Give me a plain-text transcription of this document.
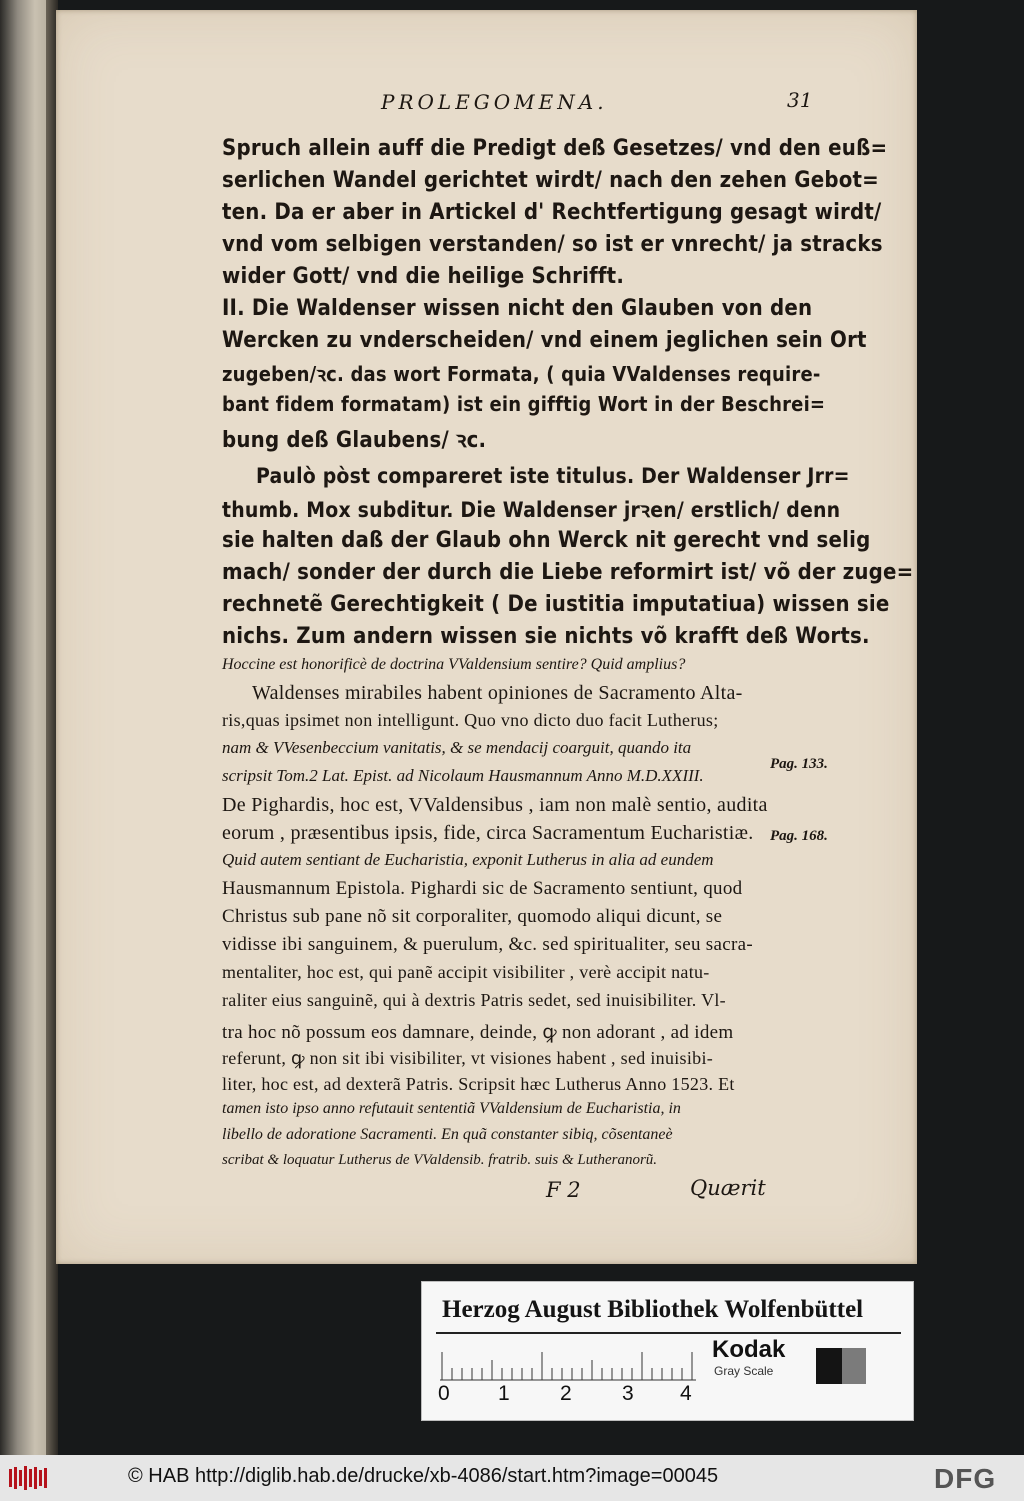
PROLEGOMENA.	31
Spruch allein auff die Predigt deß Gesetzes/ vnd den euß=
serlichen Wandel gerichtet wirdt/ nach den zehen Gebot=
ten. Da er aber in Artickel d' Rechtfertigung gesagt wirdt/
vnd vom selbigen verstanden/ so ist er vnrecht/ ja stracks
wider Gott/ vnd die heilige Schrifft.
II. Die Waldenser wissen nicht den Glauben von den
Wercken zu vnderscheiden/ vnd einem jeglichen sein Ort
zugeben/ꝛc. das wort Formata, ( quia VValdenses require-
bant fidem formatam) ist ein gifftig Wort in der Beschrei=
bung deß Glaubens/ ꝛc.
Paulò pòst compareret iste titulus. Der Waldenser Jrr=
thumb. Mox subditur. Die Waldenser jrꝛen/ erstlich/ denn
sie halten daß der Glaub ohn Werck nit gerecht vnd selig
mach/ sonder der durch die Liebe reformirt ist/ võ der zuge=
rechnetẽ Gerechtigkeit ( De iustitia imputatiua) wissen sie
nichs. Zum andern wissen sie nichts võ krafft deß Worts.
Hoccine est honorificè de doctrina VValdensium sentire? Quid amplius?
Waldenses mirabiles habent opiniones de Sacramento Alta-
ris,quas ipsimet non intelligunt. Quo vno dicto duo facit Lutherus;
nam & VVesenbeccium vanitatis, & se mendacij coarguit, quando ita
scripsit Tom.2 Lat. Epist. ad Nicolaum Hausmannum Anno M.D.XXIII.
De Pighardis, hoc est, VValdensibus , iam non malè sentio, audita
eorum , præsentibus ipsis, fide, circa Sacramentum Eucharistiæ.
Quid autem sentiant de Eucharistia, exponit Lutherus in alia ad eundem
Hausmannum Epistola. Pighardi sic de Sacramento sentiunt, quod
Christus sub pane nõ sit corporaliter, quomodo aliqui dicunt, se
vidisse ibi sanguinem, & puerulum, &c. sed spiritualiter, seu sacra-
mentaliter, hoc est, qui panẽ accipit visibiliter , verè accipit natu-
raliter eius sanguinẽ, qui à dextris Patris sedet, sed inuisibiliter. Vl-
tra hoc nõ possum eos damnare, deinde, ꝙ non adorant , ad idem
referunt, ꝙ non sit ibi visibiliter, vt visiones habent , sed inuisibi-
liter, hoc est, ad dexterã Patris. Scripsit hæc Lutherus Anno 1523. Et
tamen isto ipso anno refutauit sententiã VValdensium de Eucharistia, in
libello de adoratione Sacramenti. En quã constanter sibiq, cõsentaneè
scribat & loquatur Lutherus de VValdensib. fratrib. suis & Lutheranorũ.
Pag. 133.
Pag. 168.
F 2	Quærit
Herzog August Bibliothek Wolfenbüttel
0 1 2 3 4
Kodak
Gray Scale
© HAB http://diglib.hab.de/drucke/xb-4086/start.htm?image=00045	DFG
